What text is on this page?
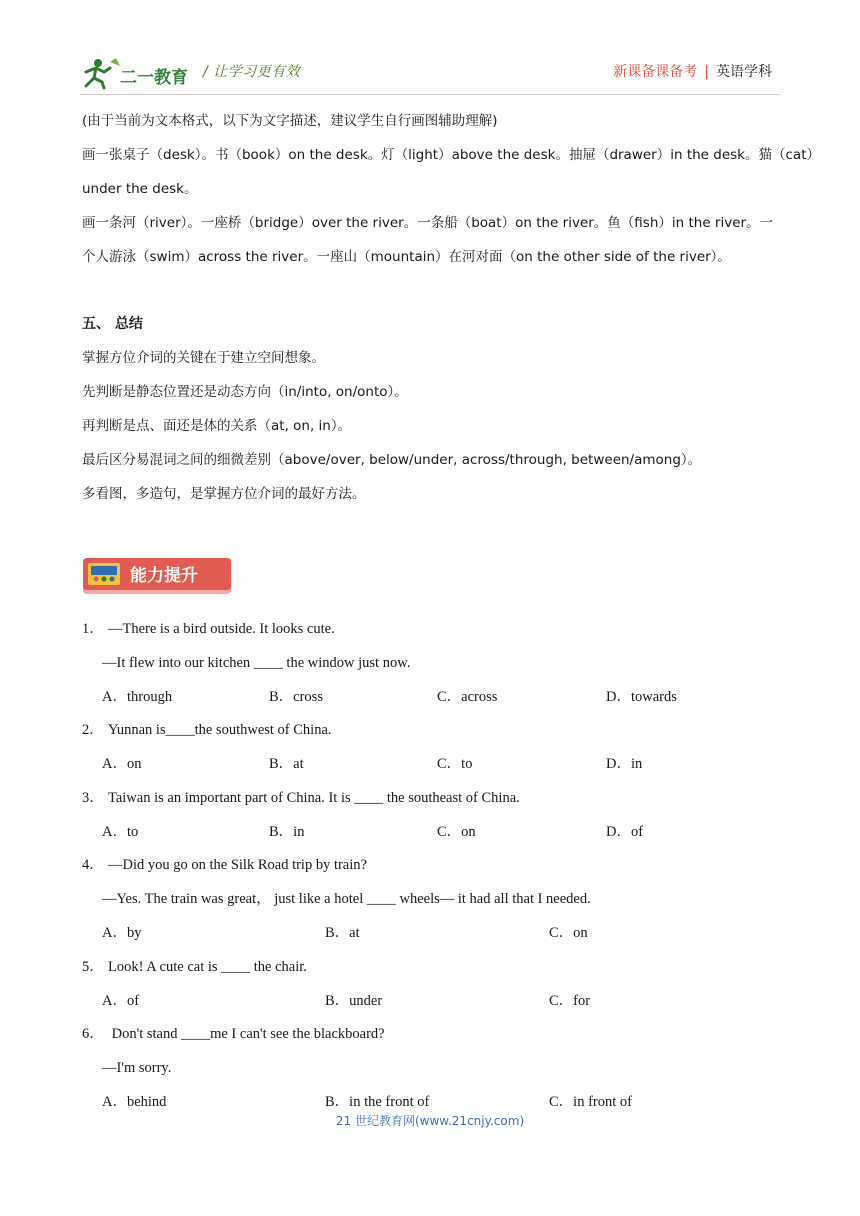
二一教育 / 让学习更有效	新课备课备考 | 英语学科
(由于当前为文本格式，以下为文字描述，建议学生自行画图辅助理解)
画一张桌子（desk）。书（book）on the desk。灯（light）above the desk。抽屉（drawer）in the desk。猫（cat）
under the desk。
画一条河（river）。一座桥（bridge）over the river。一条船（boat）on the river。鱼（fish）in the river。一
个人游泳（swim）across the river。一座山（mountain）在河对面（on the other side of the river）。
五、 总结
掌握方位介词的关键在于建立空间想象。
先判断是静态位置还是动态方向（in/into, on/onto）。
再判断是点、面还是体的关系（at, on, in）。
最后区分易混词之间的细微差别（above/over, below/under, across/through, between/among）。
多看图，多造句，是掌握方位介词的最好方法。
能力提升
1． —There is a bird outside. It looks cute.
—It flew into our kitchen ____ the window just now.
A．through	B．cross	C．across	D．towards
2． Yunnan is____the southwest of China.
A．on	B．at	C．to	D．in
3． Taiwan is an important part of China. It is ____ the southeast of China.
A．to	B．in	C．on	D．of
4． —Did you go on the Silk Road trip by train?
—Yes. The train was great， just like a hotel ____ wheels— it had all that I needed.
A．by	B．at	C．on
5． Look! A cute cat is ____ the chair.
A．of	B．under	C．for
6． Don't stand ____me I can't see the blackboard?
—I'm sorry.
A．behind	B．in the front of	C．in front of
21 世纪教育网(www.21cnjy.com)
